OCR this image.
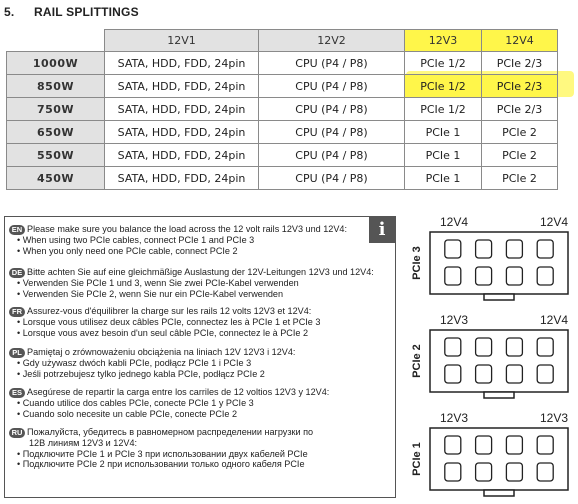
5. RAIL SPLITTINGS
	12V1	12V2	12V3	12V4
1000W	SATA, HDD, FDD, 24pin	CPU (P4 / P8)	PCIe 1/2	PCIe 2/3
850W	SATA, HDD, FDD, 24pin	CPU (P4 / P8)	PCIe 1/2	PCIe 2/3
750W	SATA, HDD, FDD, 24pin	CPU (P4 / P8)	PCIe 1/2	PCIe 2/3
650W	SATA, HDD, FDD, 24pin	CPU (P4 / P8)	PCIe 1	PCIe 2
550W	SATA, HDD, FDD, 24pin	CPU (P4 / P8)	PCIe 1	PCIe 2
450W	SATA, HDD, FDD, 24pin	CPU (P4 / P8)	PCIe 1	PCIe 2
i
EN Please make sure you balance the load across the 12 volt rails 12V3 und 12V4:
• When using two PCIe cables, connect PCIe 1 and PCIe 3
• When you only need one PCIe cable, connect PCIe 2
DE Bitte achten Sie auf eine gleichmäßige Auslastung der 12V-Leitungen 12V3 und 12V4:
• Verwenden Sie PCIe 1 und 3, wenn Sie zwei PCIe-Kabel verwenden
• Verwenden Sie PCIe 2, wenn Sie nur ein PCIe-Kabel verwenden
FR Assurez-vous d'équilibrer la charge sur les rails 12 volts 12V3 et 12V4:
• Lorsque vous utilisez deux câbles PCIe, connectez les à PCIe 1 et PCIe 3
• Lorsque vous avez besoin d'un seul câble PCIe, connectez le à PCIe 2
PL Pamiętaj o zrównoważeniu obciążenia na liniach 12V 12V3 i 12V4:
• Gdy używasz dwóch kabli PCIe, podłącz PCIe 1 i PCIe 3
• Jeśli potrzebujesz tylko jednego kabla PCIe, podłącz PCIe 2
ES Asegúrese de repartir la carga entre los carriles de 12 voltios 12V3 y 12V4:
• Cuando utilice dos cables PCIe, conecte PCIe 1 y PCIe 3
• Cuando solo necesite un cable PCIe, conecte PCIe 2
RU Пожалуйста, убедитесь в равномерном распределении нагрузки по
12В линиям 12V3 и 12V4:
• Подключите PCIe 1 и PCIe 3 при использовании двух кабелей PCIe
• Подключите PCIe 2 при использовании только одного кабеля PCIe
12V4	12V4
PCIe 3
12V3	12V4
PCIe 2
12V3	12V3
PCIe 1
